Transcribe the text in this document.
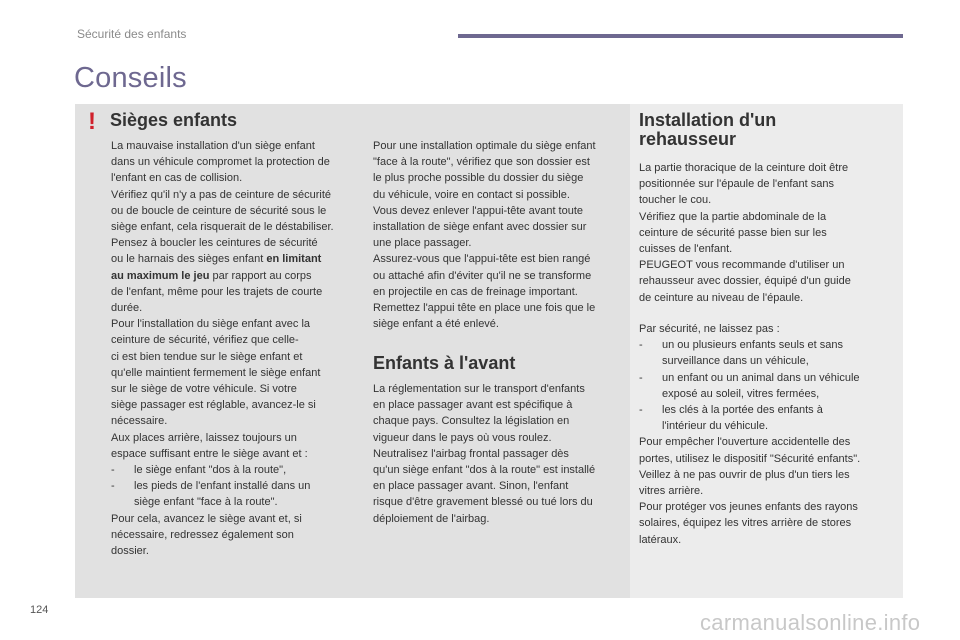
Sécurité des enfants
Conseils
! Sièges enfants

La mauvaise installation d'un siège enfant

dans un véhicule compromet la protection de

l'enfant en cas de collision.

Vérifiez qu'il n'y a pas de ceinture de sécurité

ou de boucle de ceinture de sécurité sous le

siège enfant, cela risquerait de le déstabiliser.

Pensez à boucler les ceintures de sécurité

ou le harnais des sièges enfant en limitant

au maximum le jeu par rapport au corps

de l'enfant, même pour les trajets de courte

durée.

Pour l'installation du siège enfant avec la

ceinture de sécurité, vérifiez que celle-

ci est bien tendue sur le siège enfant et

qu'elle maintient fermement le siège enfant

sur le siège de votre véhicule. Si votre

siège passager est réglable, avancez-le si

nécessaire.

Aux places arrière, laissez toujours un

espace suffisant entre le siège avant et :

- le siège enfant "dos à la route",

- les pieds de l'enfant installé dans un

siège enfant "face à la route".

Pour cela, avancez le siège avant et, si

nécessaire, redressez également son

dossier.

Pour une installation optimale du siège enfant

"face à la route", vérifiez que son dossier est

le plus proche possible du dossier du siège

du véhicule, voire en contact si possible.

Vous devez enlever l'appui-tête avant toute

installation de siège enfant avec dossier sur

une place passager.

Assurez-vous que l'appui-tête est bien rangé

ou attaché afin d'éviter qu'il ne se transforme

en projectile en cas de freinage important.

Remettez l'appui tête en place une fois que le

siège enfant a été enlevé.

Enfants à l'avant

La réglementation sur le transport d'enfants

en place passager avant est spécifique à

chaque pays. Consultez la législation en

vigueur dans le pays où vous roulez.

Neutralisez l'airbag frontal passager dès

qu'un siège enfant "dos à la route" est installé

en place passager avant. Sinon, l'enfant

risque d'être gravement blessé ou tué lors du

déploiement de l'airbag.

Installation d'un
rehausseur

La partie thoracique de la ceinture doit être

positionnée sur l'épaule de l'enfant sans

toucher le cou.

Vérifiez que la partie abdominale de la

ceinture de sécurité passe bien sur les

cuisses de l'enfant.

PEUGEOT vous recommande d'utiliser un

rehausseur avec dossier, équipé d'un guide

de ceinture au niveau de l'épaule.

Par sécurité, ne laissez pas :

- un ou plusieurs enfants seuls et sans

surveillance dans un véhicule,

- un enfant ou un animal dans un véhicule

exposé au soleil, vitres fermées,

- les clés à la portée des enfants à

l'intérieur du véhicule.

Pour empêcher l'ouverture accidentelle des

portes, utilisez le dispositif "Sécurité enfants".

Veillez à ne pas ouvrir de plus d'un tiers les

vitres arrière.

Pour protéger vos jeunes enfants des rayons

solaires, équipez les vitres arrière de stores

latéraux.

124	carmanualsonline.info
